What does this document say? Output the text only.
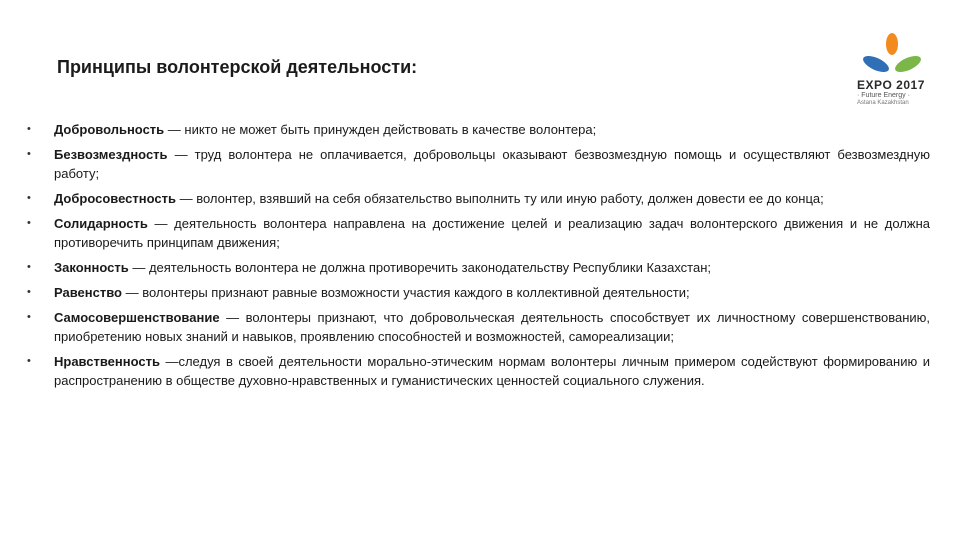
Принципы волонтерской деятельности:
EXPO 2017
· Future Energy ·
Astana Kazakhstan
• Добровольность — никто не может быть принужден действовать в качестве волонтера;
• Безвозмездность — труд волонтера не оплачивается, добровольцы оказывают безвозмездную помощь и осуществляют безвозмездную работу;
• Добросовестность — волонтер, взявший на себя обязательство выполнить ту или иную работу, должен довести ее до конца;
• Солидарность — деятельность волонтера направлена на достижение целей и реализацию задач волонтерского движения и не должна противоречить принципам движения;
• Законность — деятельность волонтера не должна противоречить законодательству Республики Казахстан;
• Равенство — волонтеры признают равные возможности участия каждого в коллективной деятельности;
• Самосовершенствование — волонтеры признают, что добровольческая деятельность способствует их личностному совершенствованию, приобретению новых знаний и навыков, проявлению способностей и возможностей, самореализации;
• Нравственность —следуя в своей деятельности морально-этическим нормам волонтеры личным примером содействуют формированию и распространению в обществе духовно-нравственных и гуманистических ценностей социального служения.
